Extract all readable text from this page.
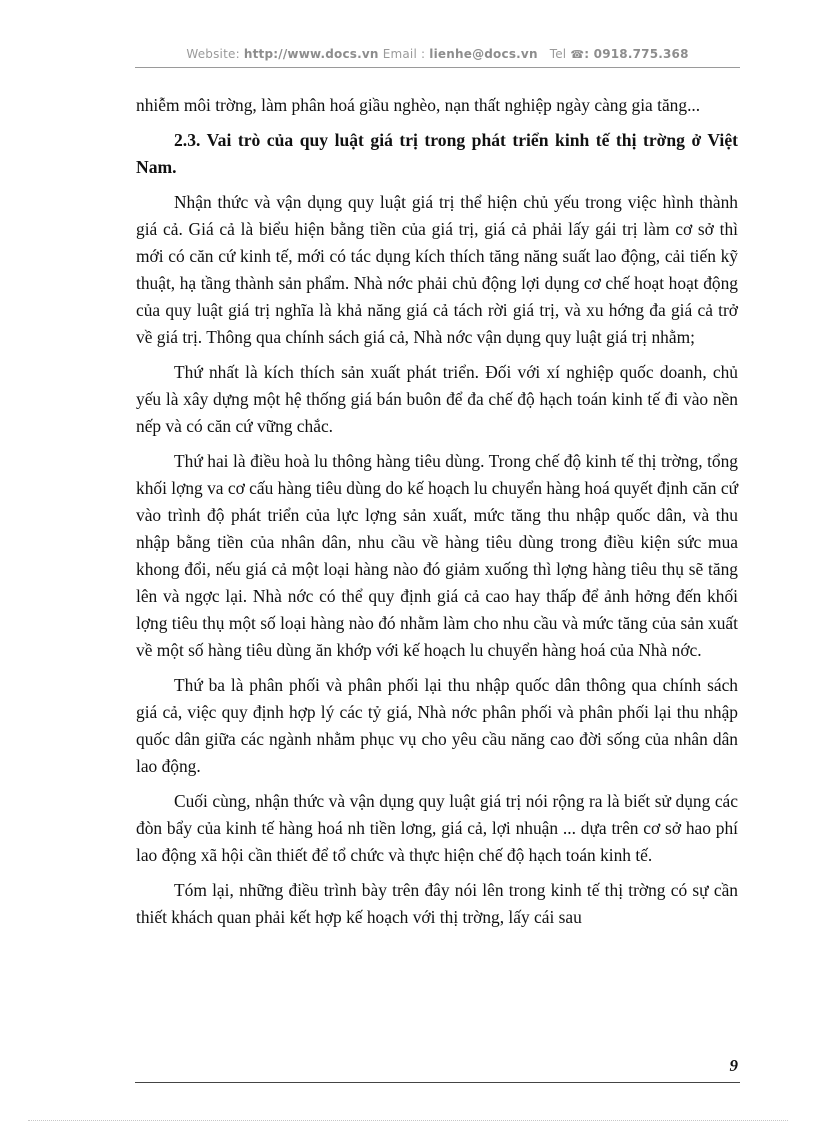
Website: http://www.docs.vn Email : lienhe@docs.vn Tel ☎: 0918.775.368

nhiễm môi trờng, làm phân hoá giầu nghèo, nạn thất nghiệp ngày càng gia tăng...

2.3. Vai trò của quy luật giá trị trong phát triển kinh tế thị trờng ở Việt Nam.

Nhận thức và vận dụng quy luật giá trị thể hiện chủ yếu trong việc hình thành giá cả. Giá cả là biểu hiện bằng tiền của giá trị, giá cả phải lấy gái trị làm cơ sở thì mới có căn cứ kinh tế, mới có tác dụng kích thích tăng năng suất lao động, cải tiến kỹ thuật, hạ tầng thành sản phẩm. Nhà nớc phải chủ động lợi dụng cơ chế hoạt hoạt động của quy luật giá trị nghĩa là khả năng giá cả tách rời giá trị, và xu hớng đa giá cả trở về giá trị. Thông qua chính sách giá cả, Nhà nớc vận dụng quy luật giá trị nhằm;

Thứ nhất là kích thích sản xuất phát triển. Đối với xí nghiệp quốc doanh, chủ yếu là xây dựng một hệ thống giá bán buôn để đa chế độ hạch toán kinh tế đi vào nền nếp và có căn cứ vững chắc.

Thứ hai là điều hoà lu thông hàng tiêu dùng. Trong chế độ kinh tế thị trờng, tổng khối lợng va cơ cấu hàng tiêu dùng do kế hoạch lu chuyển hàng hoá quyết định căn cứ vào trình độ phát triển của lực lợng sản xuất, mức tăng thu nhập quốc dân, và thu nhập bằng tiền của nhân dân, nhu cầu về hàng tiêu dùng trong điều kiện sức mua khong đổi, nếu giá cả một loại hàng nào đó giảm xuống thì lợng hàng tiêu thụ sẽ tăng lên và ngợc lại. Nhà nớc có thể quy định giá cả cao hay thấp để ảnh hởng đến khối lợng tiêu thụ một số loại hàng nào đó nhằm làm cho nhu cầu và mức tăng của sản xuất về một số hàng tiêu dùng ăn khớp với kế hoạch lu chuyển hàng hoá của Nhà nớc.

Thứ ba là phân phối và phân phối lại thu nhập quốc dân thông qua chính sách giá cả, việc quy định hợp lý các tỷ giá, Nhà nớc phân phối và phân phối lại thu nhập quốc dân giữa các ngành nhằm phục vụ cho yêu cầu năng cao đời sống của nhân dân lao động.

Cuối cùng, nhận thức và vận dụng quy luật giá trị nói rộng ra là biết sử dụng các đòn bẩy của kinh tế hàng hoá nh tiền lơng, giá cả, lợi nhuận ... dựa trên cơ sở hao phí lao động xã hội cần thiết để tổ chức và thực hiện chế độ hạch toán kinh tế.

Tóm lại, những điều trình bày trên đây nói lên trong kinh tế thị trờng có sự cần thiết khách quan phải kết hợp kế hoạch với thị trờng, lấy cái sau

9
